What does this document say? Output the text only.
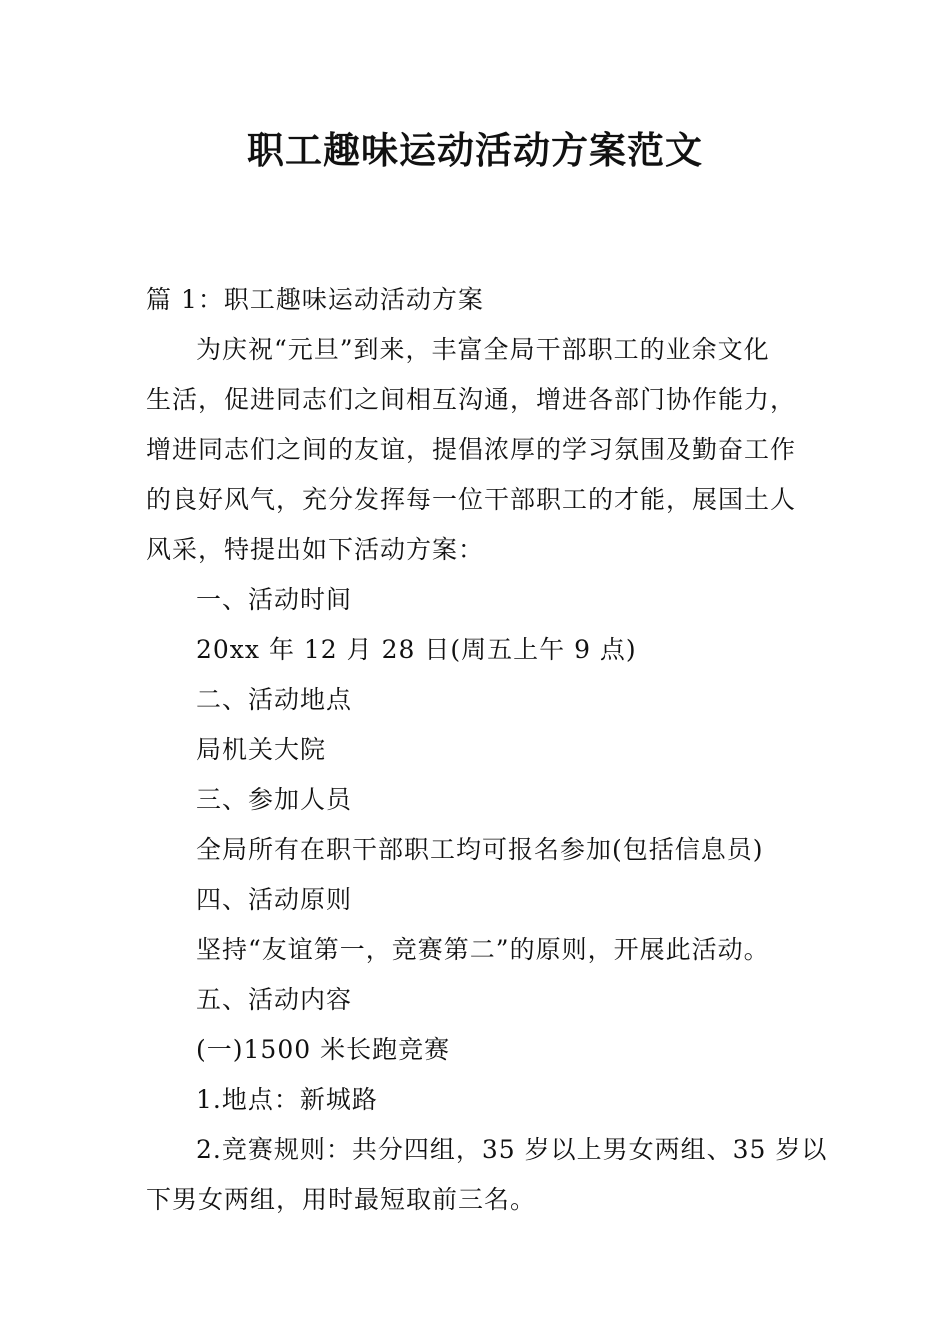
职工趣味运动活动方案范文

篇 1：职工趣味运动活动方案

为庆祝“元旦”到来，丰富全局干部职工的业余文化

生活，促进同志们之间相互沟通，增进各部门协作能力，

增进同志们之间的友谊，提倡浓厚的学习氛围及勤奋工作

的良好风气，充分发挥每一位干部职工的才能，展国土人

风采，特提出如下活动方案：

一、活动时间

20xx 年 12 月 28 日(周五上午 9 点)

二、活动地点

局机关大院

三、参加人员

全局所有在职干部职工均可报名参加(包括信息员)

四、活动原则

坚持“友谊第一，竞赛第二”的原则，开展此活动。

五、活动内容

(一)1500 米长跑竞赛

1.地点：新城路

2.竞赛规则：共分四组，35 岁以上男女两组、35 岁以

下男女两组，用时最短取前三名。
